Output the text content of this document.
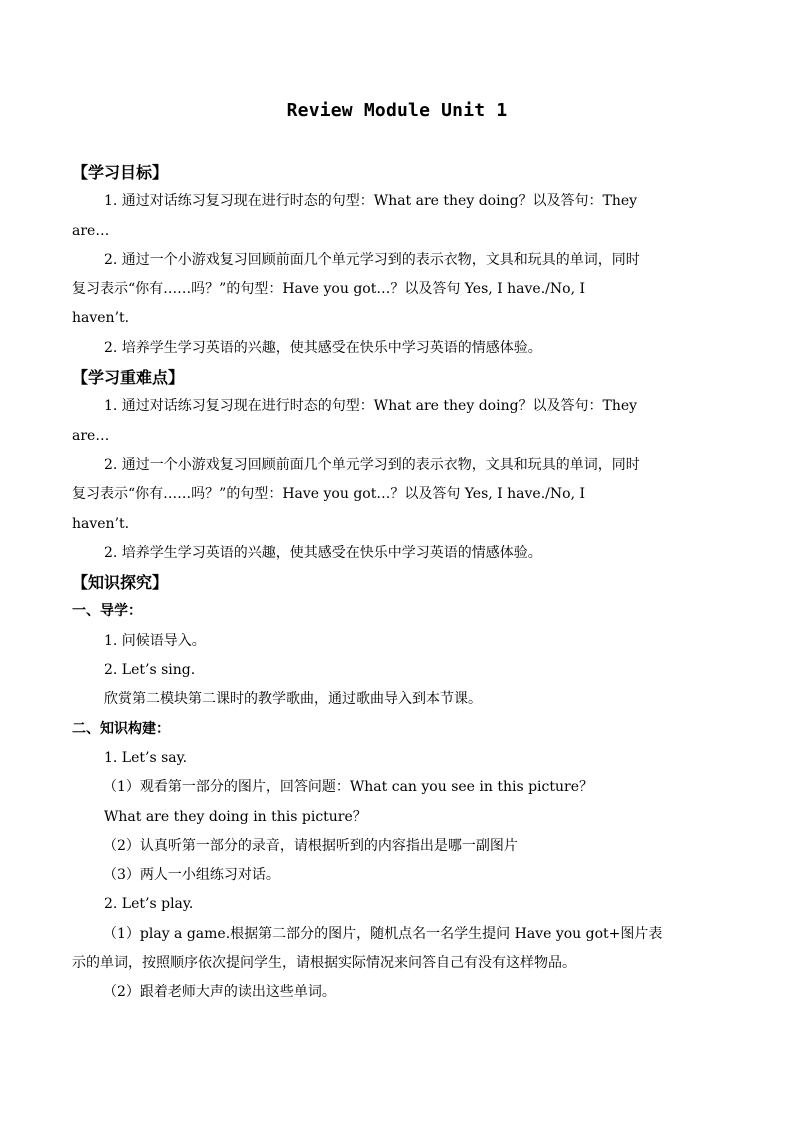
Review Module Unit 1
【学习目标】
1. 通过对话练习复习现在进行时态的句型：What are they doing？以及答句：They
are…
2. 通过一个小游戏复习回顾前面几个单元学习到的表示衣物，文具和玩具的单词，同时
复习表示“你有……吗？”的句型：Have you got…？以及答句 Yes, I have./No, I
haven’t.
2. 培养学生学习英语的兴趣，使其感受在快乐中学习英语的情感体验。
【学习重难点】
1. 通过对话练习复习现在进行时态的句型：What are they doing？以及答句：They
are…
2. 通过一个小游戏复习回顾前面几个单元学习到的表示衣物，文具和玩具的单词，同时
复习表示“你有……吗？”的句型：Have you got…？以及答句 Yes, I have./No, I
haven’t.
2. 培养学生学习英语的兴趣，使其感受在快乐中学习英语的情感体验。
【知识探究】
一、导学：
1. 问候语导入。
2. Let’s sing.
欣赏第二模块第二课时的教学歌曲，通过歌曲导入到本节课。
二、知识构建：
1. Let’s say.
（1）观看第一部分的图片，回答问题：What can you see in this picture？
What are they doing in this picture？
（2）认真听第一部分的录音，请根据听到的内容指出是哪一副图片
（3）两人一小组练习对话。
2. Let’s play.
（1）play a game.根据第二部分的图片，随机点名一名学生提问 Have you got+图片表
示的单词，按照顺序依次提问学生，请根据实际情况来问答自己有没有这样物品。
（2）跟着老师大声的读出这些单词。
